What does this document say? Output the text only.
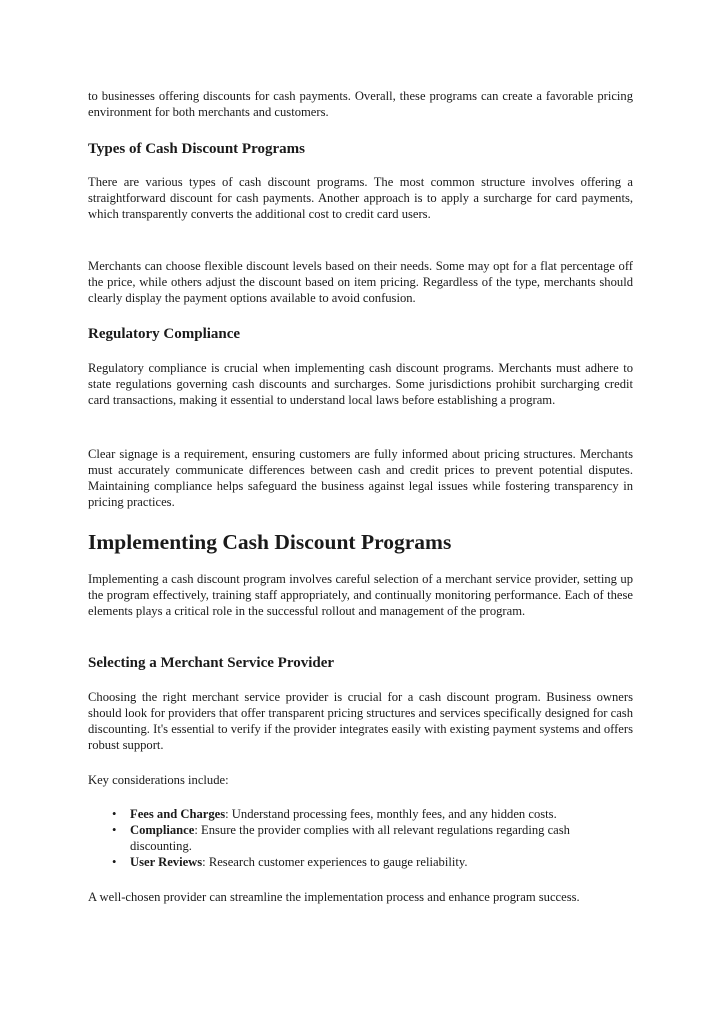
to businesses offering discounts for cash payments. Overall, these programs can create a favorable pricing environment for both merchants and customers.

Types of Cash Discount Programs

There are various types of cash discount programs. The most common structure involves offering a straightforward discount for cash payments. Another approach is to apply a surcharge for card payments, which transparently converts the additional cost to credit card users.

Merchants can choose flexible discount levels based on their needs. Some may opt for a flat percentage off the price, while others adjust the discount based on item pricing. Regardless of the type, merchants should clearly display the payment options available to avoid confusion.

Regulatory Compliance

Regulatory compliance is crucial when implementing cash discount programs. Merchants must adhere to state regulations governing cash discounts and surcharges. Some jurisdictions prohibit surcharging credit card transactions, making it essential to understand local laws before establishing a program.

Clear signage is a requirement, ensuring customers are fully informed about pricing structures. Merchants must accurately communicate differences between cash and credit prices to prevent potential disputes. Maintaining compliance helps safeguard the business against legal issues while fostering transparency in pricing practices.

Implementing Cash Discount Programs

Implementing a cash discount program involves careful selection of a merchant service provider, setting up the program effectively, training staff appropriately, and continually monitoring performance. Each of these elements plays a critical role in the successful rollout and management of the program.

Selecting a Merchant Service Provider

Choosing the right merchant service provider is crucial for a cash discount program. Business owners should look for providers that offer transparent pricing structures and services specifically designed for cash discounting. It's essential to verify if the provider integrates easily with existing payment systems and offers robust support.

Key considerations include:

• Fees and Charges: Understand processing fees, monthly fees, and any hidden costs.
• Compliance: Ensure the provider complies with all relevant regulations regarding cash discounting.
• User Reviews: Research customer experiences to gauge reliability.

A well-chosen provider can streamline the implementation process and enhance program success.
